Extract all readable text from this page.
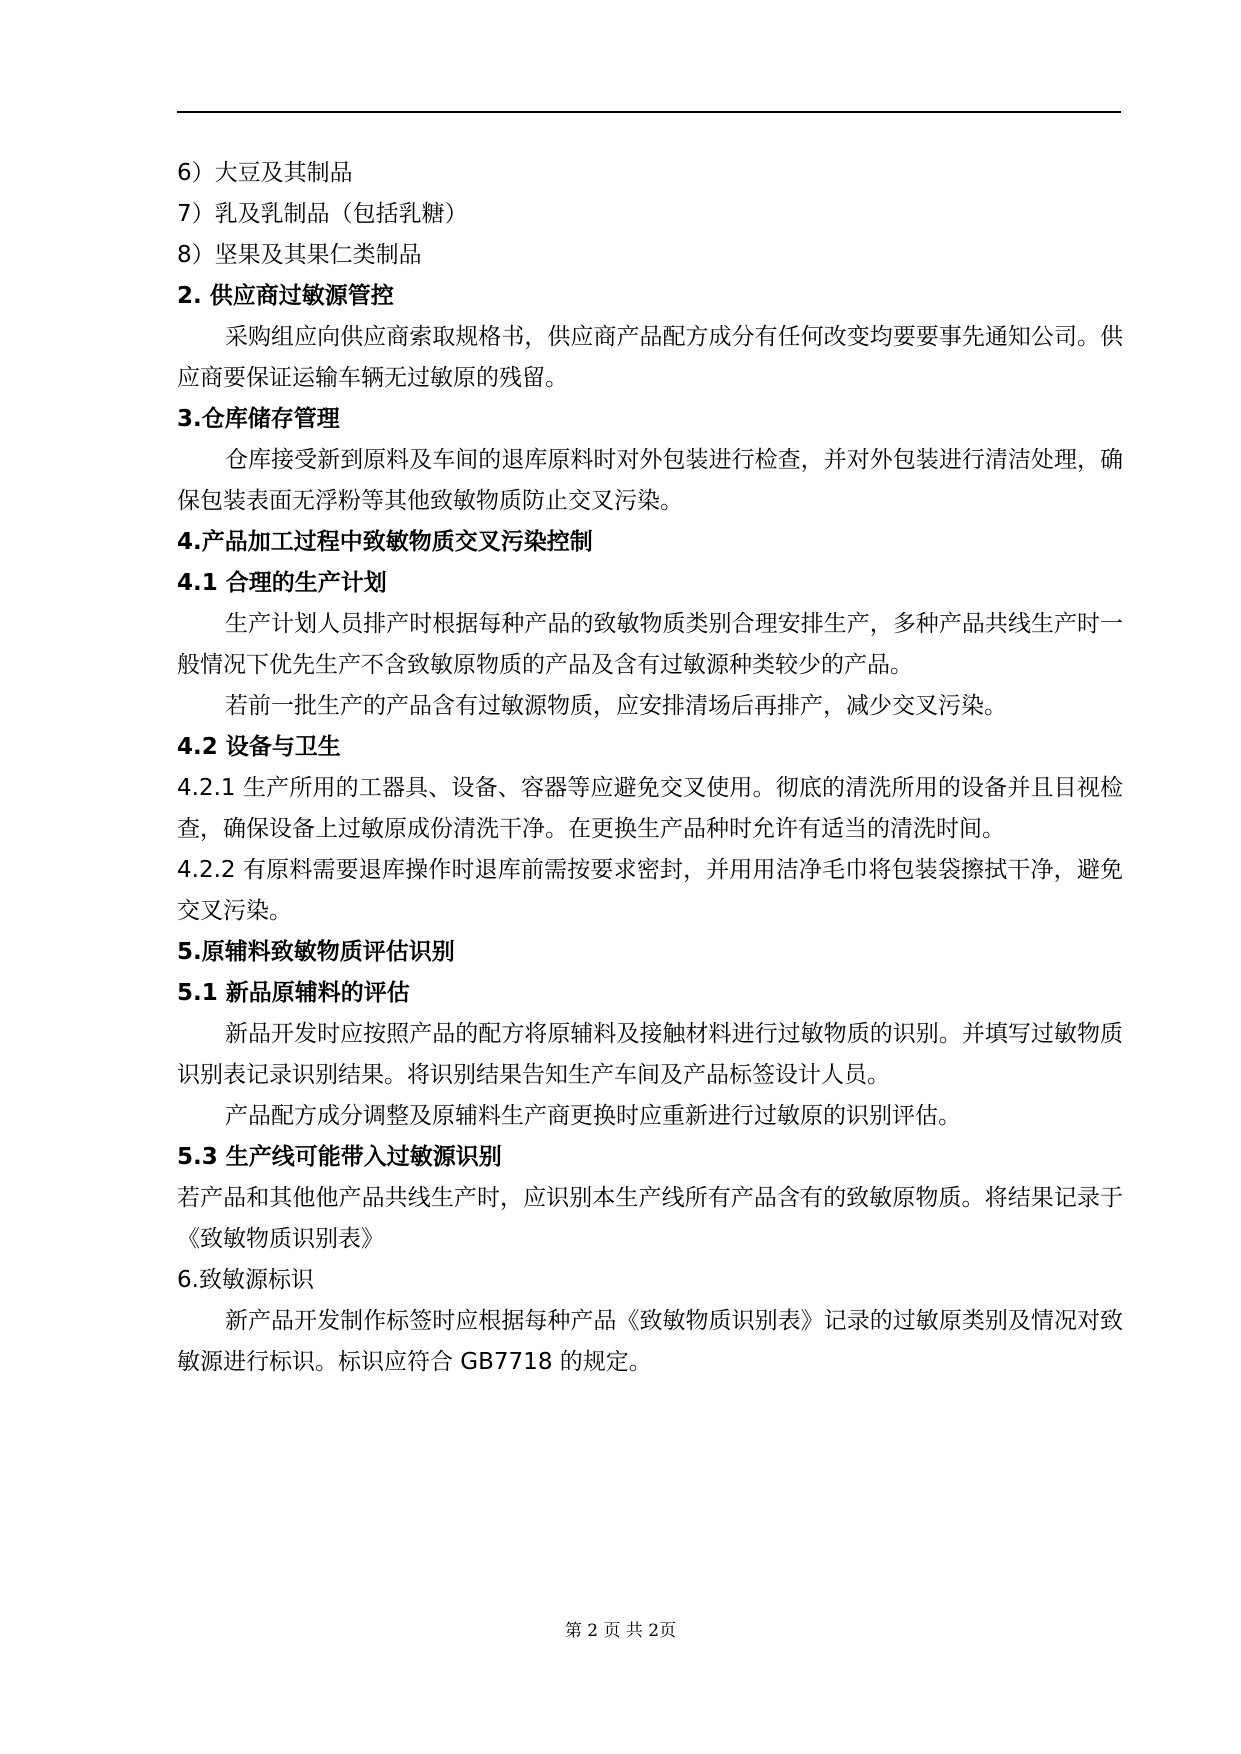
6）大豆及其制品
7）乳及乳制品（包括乳糖）
8）坚果及其果仁类制品
2. 供应商过敏源管控

采购组应向供应商索取规格书，供应商产品配方成分有任何改变均要要事先通知公司。供应商要保证运输车辆无过敏原的残留。

3.仓库储存管理

仓库接受新到原料及车间的退库原料时对外包装进行检查，并对外包装进行清洁处理，确保包装表面无浮粉等其他致敏物质防止交叉污染。

4.产品加工过程中致敏物质交叉污染控制
4.1 合理的生产计划

生产计划人员排产时根据每种产品的致敏物质类别合理安排生产，多种产品共线生产时一般情况下优先生产不含致敏原物质的产品及含有过敏源种类较少的产品。

若前一批生产的产品含有过敏源物质，应安排清场后再排产，减少交叉污染。

4.2 设备与卫生

4.2.1 生产所用的工器具、设备、容器等应避免交叉使用。彻底的清洗所用的设备并且目视检查，确保设备上过敏原成份清洗干净。在更换生产品种时允许有适当的清洗时间。

4.2.2 有原料需要退库操作时退库前需按要求密封，并用用洁净毛巾将包装袋擦拭干净，避免交叉污染。

5.原辅料致敏物质评估识别
5.1 新品原辅料的评估

新品开发时应按照产品的配方将原辅料及接触材料进行过敏物质的识别。并填写过敏物质识别表记录识别结果。将识别结果告知生产车间及产品标签设计人员。

产品配方成分调整及原辅料生产商更换时应重新进行过敏原的识别评估。

5.3 生产线可能带入过敏源识别

若产品和其他他产品共线生产时，应识别本生产线所有产品含有的致敏原物质。将结果记录于《致敏物质识别表》

6.致敏源标识

新产品开发制作标签时应根据每种产品《致敏物质识别表》记录的过敏原类别及情况对致敏源进行标识。标识应符合 GB7718 的规定。

第 2 页 共 2页
